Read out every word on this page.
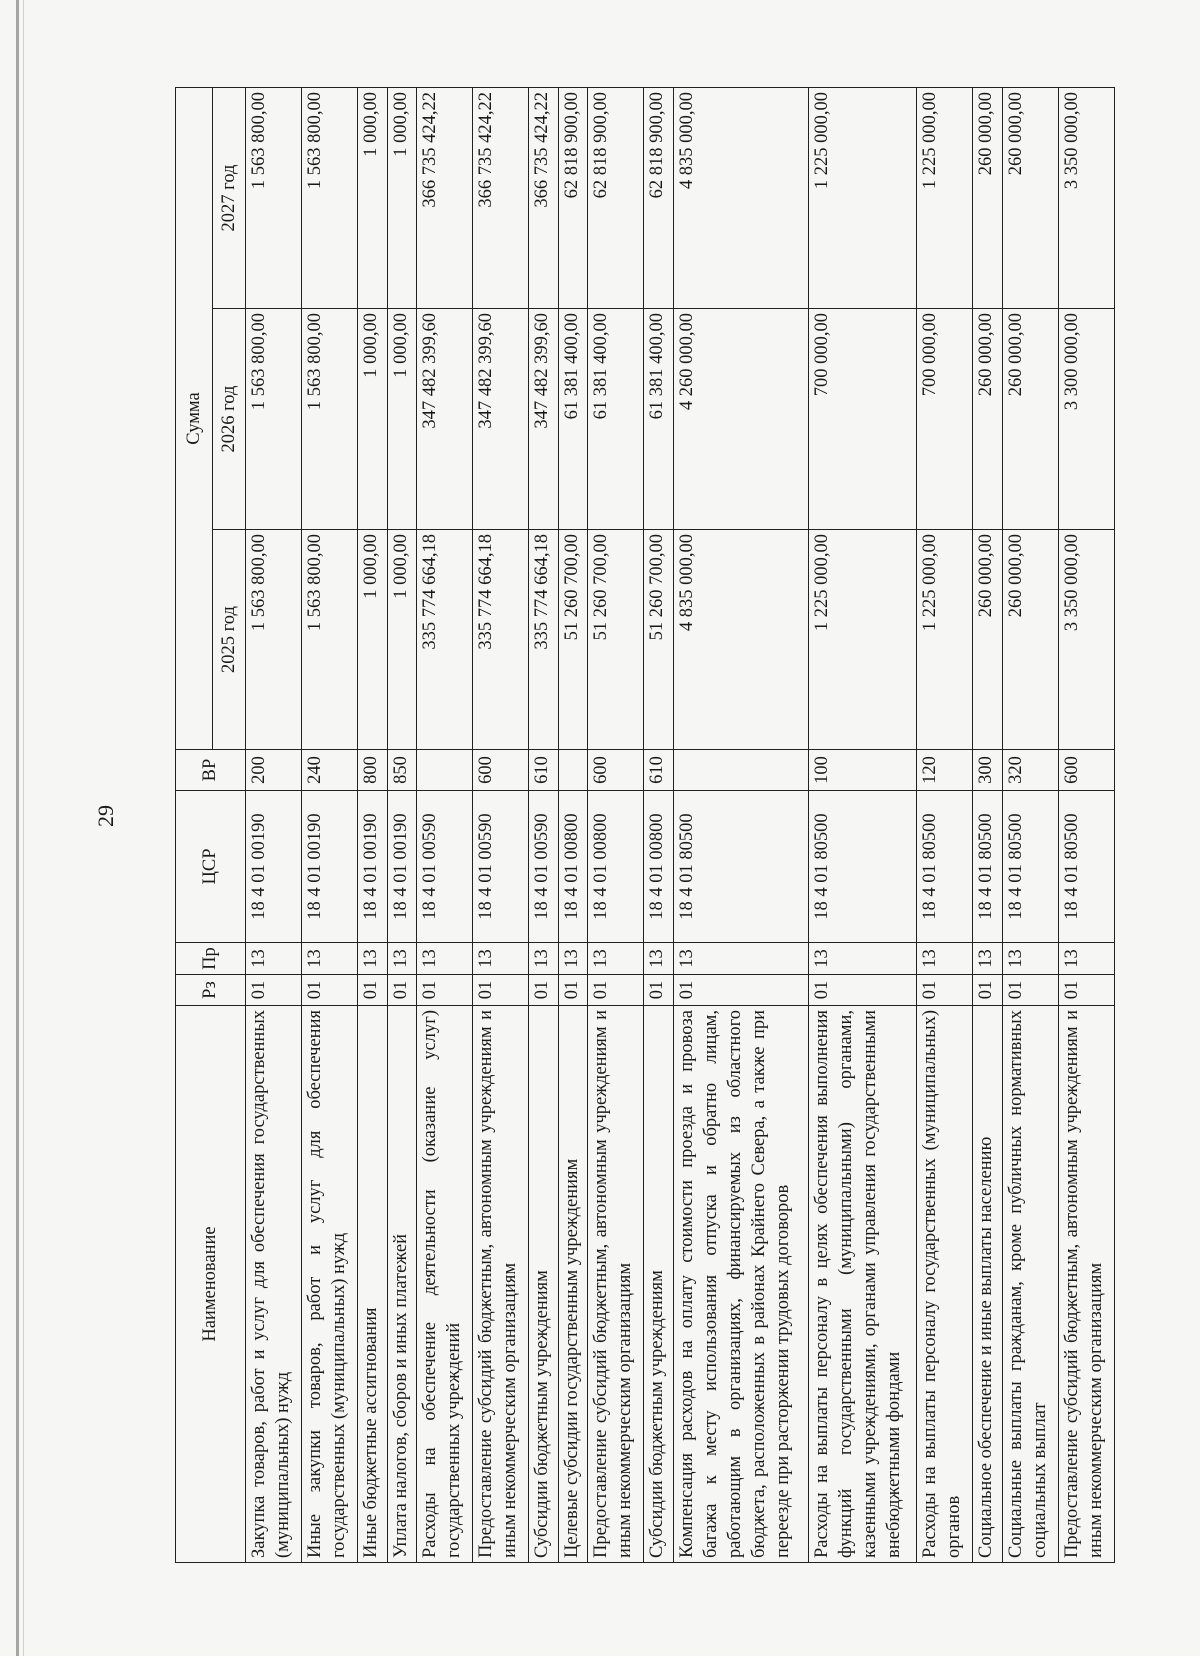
29
Наименование	Рз	Пр	ЦСР	ВР	Сумма		
					2025 год	2026 год	2027 год
Закупка товаров, работ и услуг для обеспечения государственных (муниципальных) нужд	01	13	18 4 01 00190	200	1 563 800,00	1 563 800,00	1 563 800,00
Иные закупки товаров, работ и услуг для обеспечения государственных (муниципальных) нужд	01	13	18 4 01 00190	240	1 563 800,00	1 563 800,00	1 563 800,00
Иные бюджетные ассигнования	01	13	18 4 01 00190	800	1 000,00	1 000,00	1 000,00
Уплата налогов, сборов и иных платежей	01	13	18 4 01 00190	850	1 000,00	1 000,00	1 000,00
Расходы на обеспечение деятельности (оказание услуг) государственных учреждений	01	13	18 4 01 00590		335 774 664,18	347 482 399,60	366 735 424,22
Предоставление субсидий бюджетным, автономным учреждениям и иным некоммерческим организациям	01	13	18 4 01 00590	600	335 774 664,18	347 482 399,60	366 735 424,22
Субсидии бюджетным учреждениям	01	13	18 4 01 00590	610	335 774 664,18	347 482 399,60	366 735 424,22
Целевые субсидии государственным учреждениям	01	13	18 4 01 00800		51 260 700,00	61 381 400,00	62 818 900,00
Предоставление субсидий бюджетным, автономным учреждениям и иным некоммерческим организациям	01	13	18 4 01 00800	600	51 260 700,00	61 381 400,00	62 818 900,00
Субсидии бюджетным учреждениям	01	13	18 4 01 00800	610	51 260 700,00	61 381 400,00	62 818 900,00
Компенсация расходов на оплату стоимости проезда и провоза багажа к месту использования отпуска и обратно лицам, работающим в организациях, финансируемых из областного бюджета, расположенных в районах Крайнего Севера, а также при переезде при расторжении трудовых договоров	01	13	18 4 01 80500		4 835 000,00	4 260 000,00	4 835 000,00
Расходы на выплаты персоналу в целях обеспечения выполнения функций государственными (муниципальными) органами, казенными учреждениями, органами управления государственными внебюджетными фондами	01	13	18 4 01 80500	100	1 225 000,00	700 000,00	1 225 000,00
Расходы на выплаты персоналу государственных (муниципальных) органов	01	13	18 4 01 80500	120	1 225 000,00	700 000,00	1 225 000,00
Социальное обеспечение и иные выплаты населению	01	13	18 4 01 80500	300	260 000,00	260 000,00	260 000,00
Социальные выплаты гражданам, кроме публичных нормативных социальных выплат	01	13	18 4 01 80500	320	260 000,00	260 000,00	260 000,00
Предоставление субсидий бюджетным, автономным учреждениям и иным некоммерческим организациям	01	13	18 4 01 80500	600	3 350 000,00	3 300 000,00	3 350 000,00
